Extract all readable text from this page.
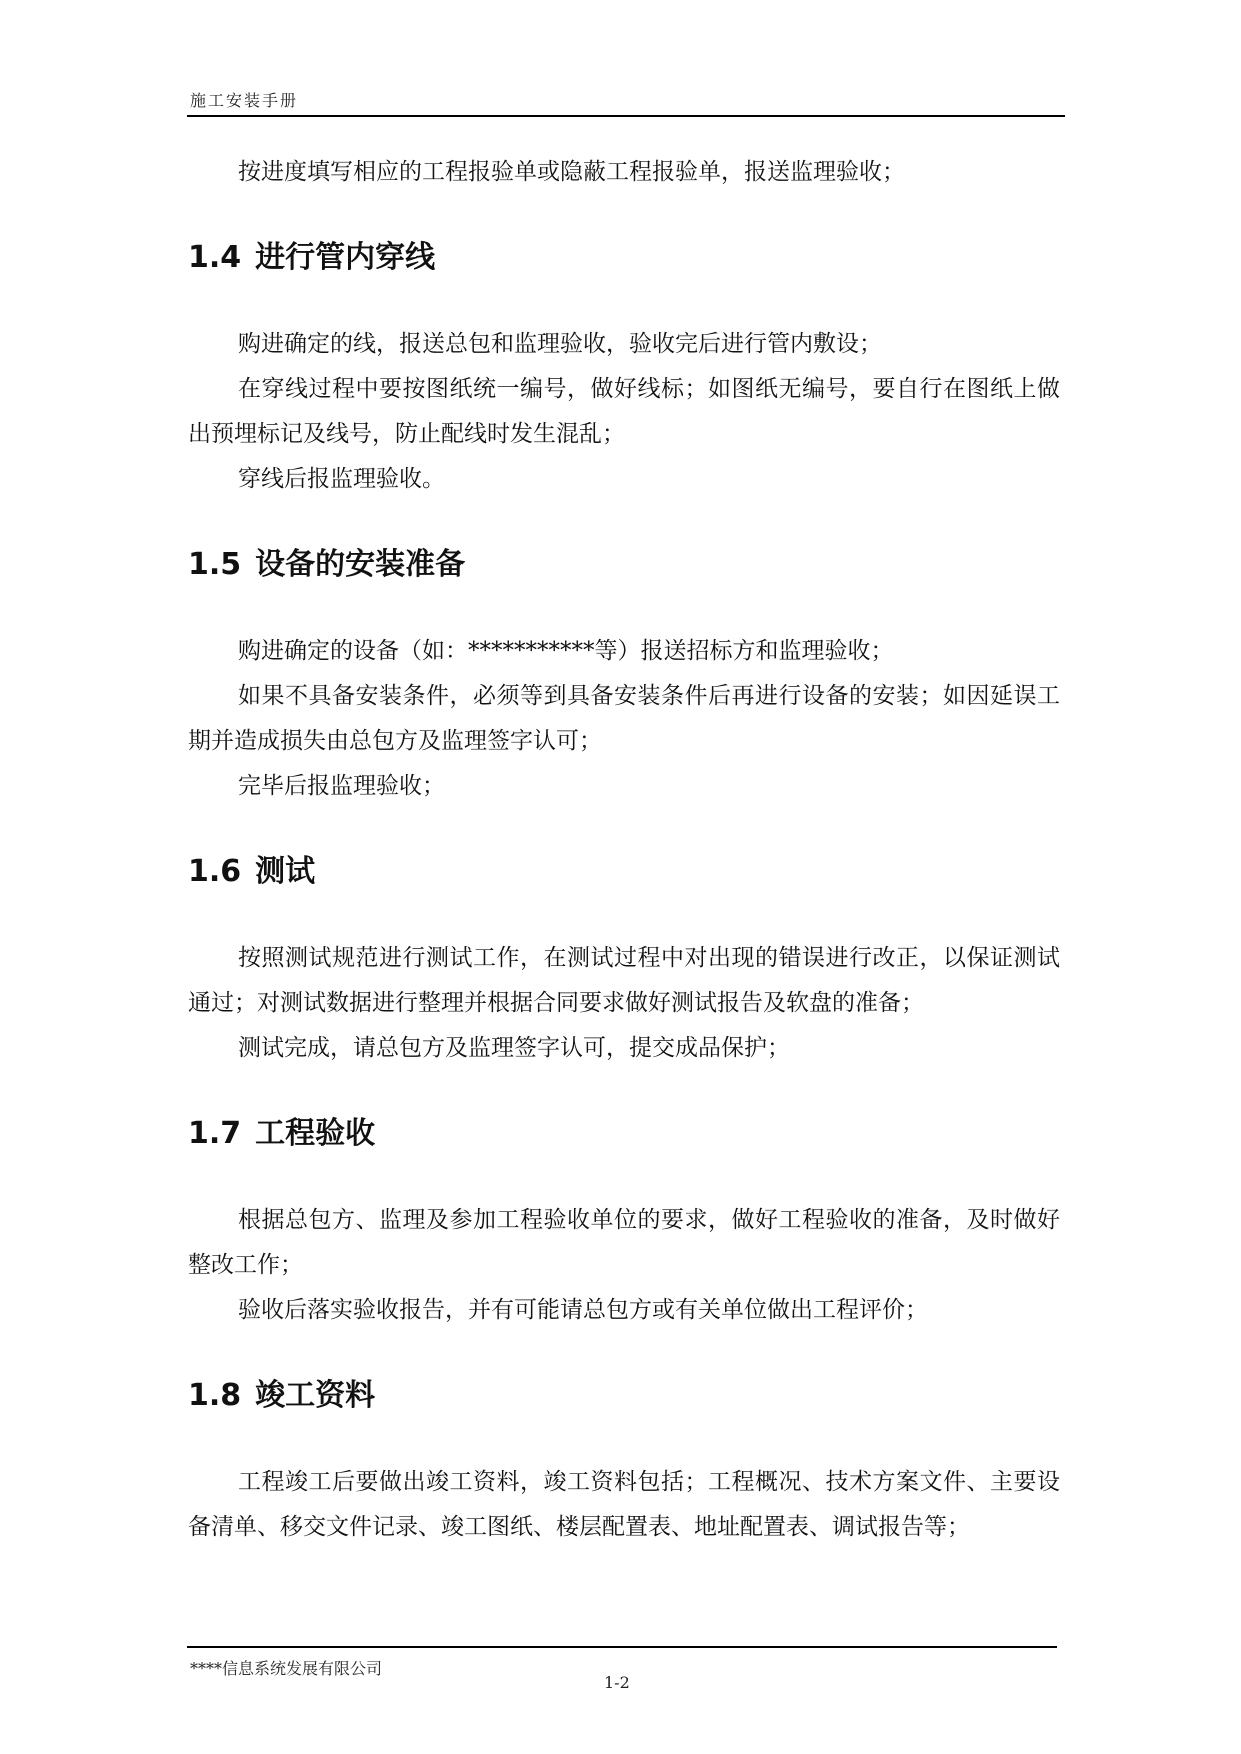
施工安装手册

按进度填写相应的工程报验单或隐蔽工程报验单，报送监理验收；

1.4 进行管内穿线

购进确定的线，报送总包和监理验收，验收完后进行管内敷设；

在穿线过程中要按图纸统一编号，做好线标；如图纸无编号，要自行在图纸上做出预埋标记及线号，防止配线时发生混乱；

穿线后报监理验收。

1.5 设备的安装准备

购进确定的设备（如：***********等）报送招标方和监理验收；

如果不具备安装条件，必须等到具备安装条件后再进行设备的安装；如因延误工期并造成损失由总包方及监理签字认可；

完毕后报监理验收；

1.6 测试

按照测试规范进行测试工作，在测试过程中对出现的错误进行改正，以保证测试通过；对测试数据进行整理并根据合同要求做好测试报告及软盘的准备；

测试完成，请总包方及监理签字认可，提交成品保护；

1.7 工程验收

根据总包方、监理及参加工程验收单位的要求，做好工程验收的准备，及时做好整改工作；

验收后落实验收报告，并有可能请总包方或有关单位做出工程评价；

1.8 竣工资料

工程竣工后要做出竣工资料，竣工资料包括；工程概况、技术方案文件、主要设备清单、移交文件记录、竣工图纸、楼层配置表、地址配置表、调试报告等；

****信息系统发展有限公司
1-2
